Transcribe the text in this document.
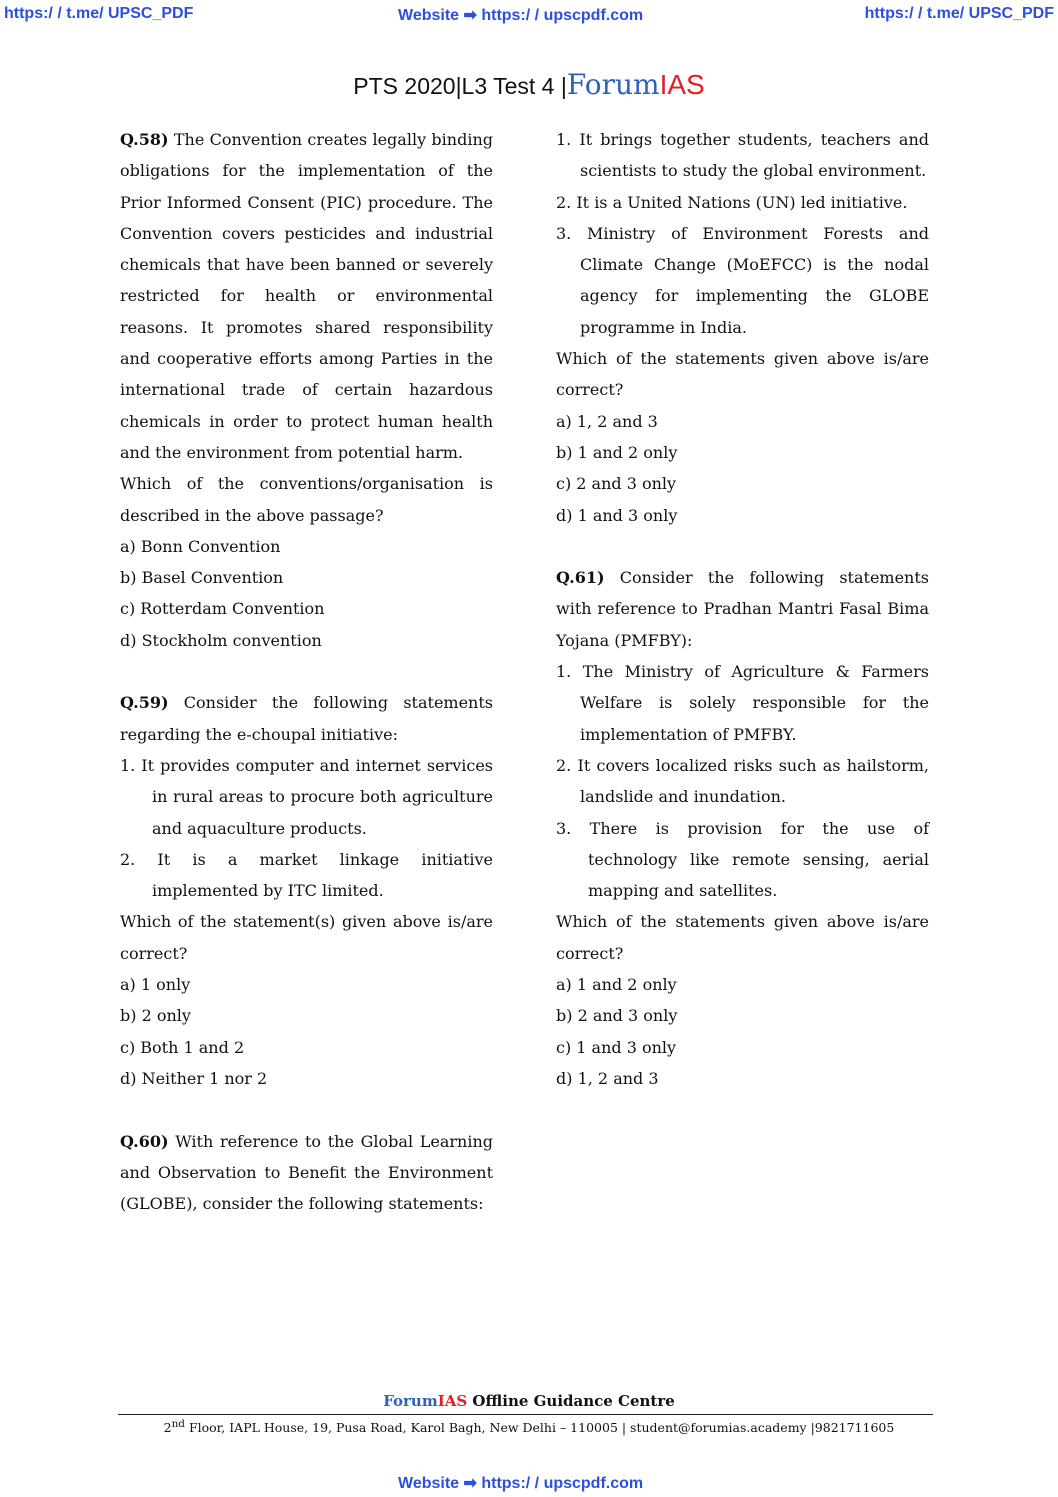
https:/ / t.me/ UPSC_PDF	Website ➡ https:/ / upscpdf.com	https:/ / t.me/ UPSC_PDF
PTS 2020|L3 Test 4 |ForumIAS
Q.58) The Convention creates legally binding obligations for the implementation of the Prior Informed Consent (PIC) procedure. The Convention covers pesticides and industrial chemicals that have been banned or severely restricted for health or environmental reasons. It promotes shared responsibility and cooperative efforts among Parties in the international trade of certain hazardous chemicals in order to protect human health and the environment from potential harm.
Which of the conventions/organisation is described in the above passage?
a) Bonn Convention
b) Basel Convention
c) Rotterdam Convention
d) Stockholm convention
Q.59) Consider the following statements regarding the e-choupal initiative:
1. It provides computer and internet services in rural areas to procure both agriculture and aquaculture products.
2. It is a market linkage initiative implemented by ITC limited.
Which of the statement(s) given above is/are correct?
a) 1 only
b) 2 only
c) Both 1 and 2
d) Neither 1 nor 2
Q.60) With reference to the Global Learning and Observation to Benefit the Environment (GLOBE), consider the following statements:
1. It brings together students, teachers and scientists to study the global environment.
2. It is a United Nations (UN) led initiative.
3. Ministry of Environment Forests and Climate Change (MoEFCC) is the nodal agency for implementing the GLOBE programme in India.
Which of the statements given above is/are correct?
a) 1, 2 and 3
b) 1 and 2 only
c) 2 and 3 only
d) 1 and 3 only
Q.61) Consider the following statements with reference to Pradhan Mantri Fasal Bima Yojana (PMFBY):
1. The Ministry of Agriculture & Farmers Welfare is solely responsible for the implementation of PMFBY.
2. It covers localized risks such as hailstorm, landslide and inundation.
3. There is provision for the use of technology like remote sensing, aerial mapping and satellites.
Which of the statements given above is/are correct?
a) 1 and 2 only
b) 2 and 3 only
c) 1 and 3 only
d) 1, 2 and 3
ForumIAS Offline Guidance Centre
2nd Floor, IAPL House, 19, Pusa Road, Karol Bagh, New Delhi – 110005 | student@forumias.academy |9821711605
Website ➡ https:/ / upscpdf.com
